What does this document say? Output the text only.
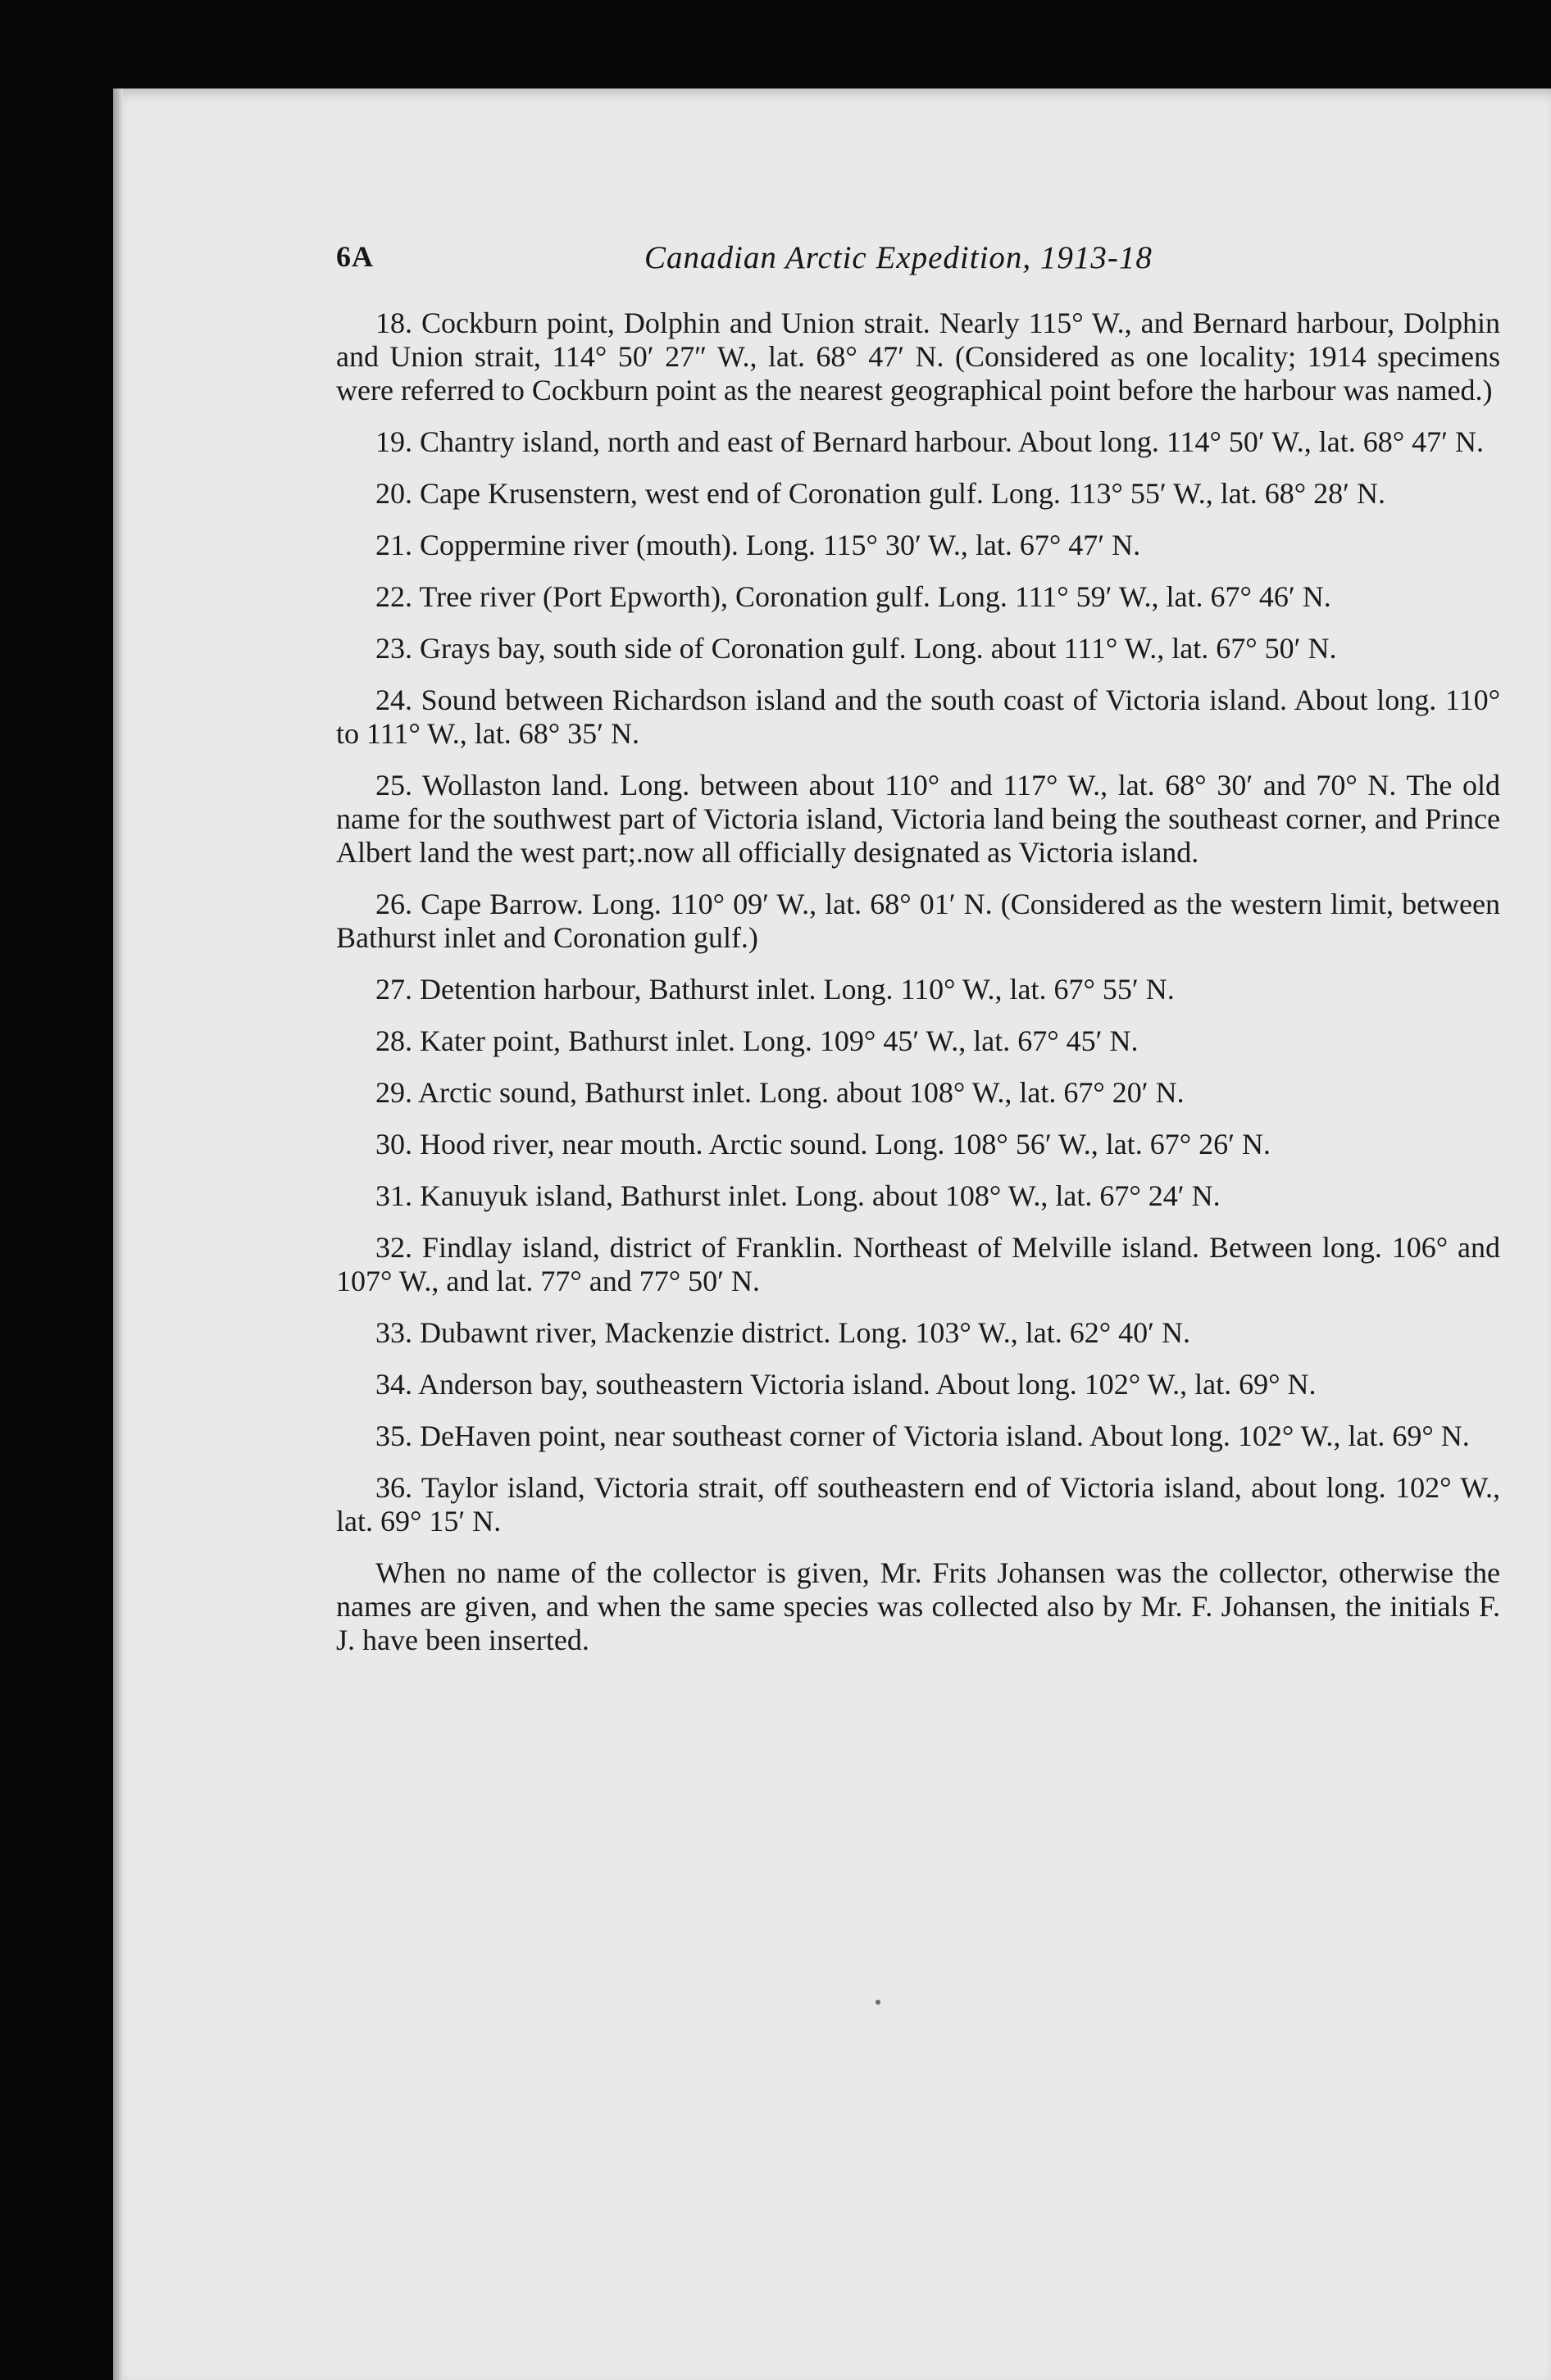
6A	Canadian Arctic Expedition, 1913-18

18. Cockburn point, Dolphin and Union strait. Nearly 115° W., and Bernard harbour, Dolphin and Union strait, 114° 50′ 27″ W., lat. 68° 47′ N. (Considered as one locality; 1914 specimens were referred to Cockburn point as the nearest geographical point before the harbour was named.)

19. Chantry island, north and east of Bernard harbour. About long. 114° 50′ W., lat. 68° 47′ N.

20. Cape Krusenstern, west end of Coronation gulf. Long. 113° 55′ W., lat. 68° 28′ N.

21. Coppermine river (mouth). Long. 115° 30′ W., lat. 67° 47′ N.

22. Tree river (Port Epworth), Coronation gulf. Long. 111° 59′ W., lat. 67° 46′ N.

23. Grays bay, south side of Coronation gulf. Long. about 111° W., lat. 67° 50′ N.

24. Sound between Richardson island and the south coast of Victoria island. About long. 110° to 111° W., lat. 68° 35′ N.

25. Wollaston land. Long. between about 110° and 117° W., lat. 68° 30′ and 70° N. The old name for the southwest part of Victoria island, Victoria land being the southeast corner, and Prince Albert land the west part;.now all officially designated as Victoria island.

26. Cape Barrow. Long. 110° 09′ W., lat. 68° 01′ N. (Considered as the western limit, between Bathurst inlet and Coronation gulf.)

27. Detention harbour, Bathurst inlet. Long. 110° W., lat. 67° 55′ N.

28. Kater point, Bathurst inlet. Long. 109° 45′ W., lat. 67° 45′ N.

29. Arctic sound, Bathurst inlet. Long. about 108° W., lat. 67° 20′ N.

30. Hood river, near mouth. Arctic sound. Long. 108° 56′ W., lat. 67° 26′ N.

31. Kanuyuk island, Bathurst inlet. Long. about 108° W., lat. 67° 24′ N.

32. Findlay island, district of Franklin. Northeast of Melville island. Between long. 106° and 107° W., and lat. 77° and 77° 50′ N.

33. Dubawnt river, Mackenzie district. Long. 103° W., lat. 62° 40′ N.

34. Anderson bay, southeastern Victoria island. About long. 102° W., lat. 69° N.

35. DeHaven point, near southeast corner of Victoria island. About long. 102° W., lat. 69° N.

36. Taylor island, Victoria strait, off southeastern end of Victoria island, about long. 102° W., lat. 69° 15′ N.

When no name of the collector is given, Mr. Frits Johansen was the collector, otherwise the names are given, and when the same species was collected also by Mr. F. Johansen, the initials F. J. have been inserted.
